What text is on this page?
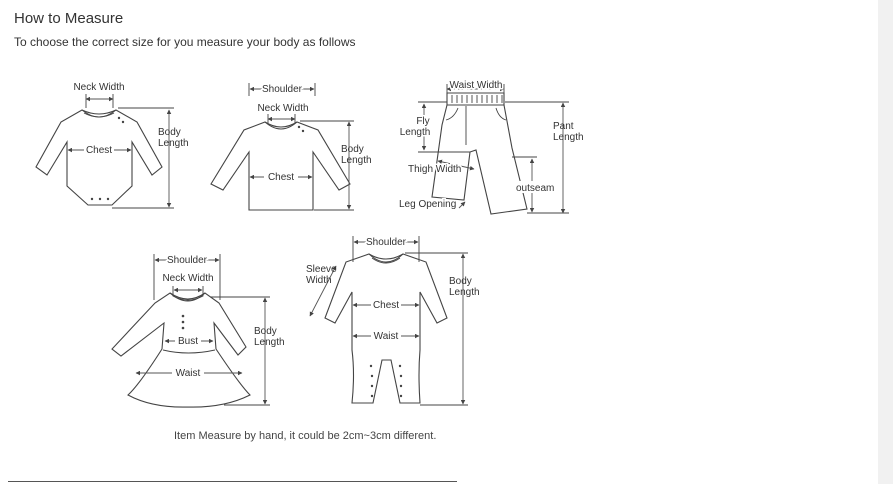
How to Measure
To choose the correct size for you measure your body as follows
Neck Width
Chest
Body
Length
Shoulder
Neck Width
Chest
Body
Length
Waist Width
Fly
Length
Pant
Length
Thigh Width
outseam
Leg Opening
Shoulder
Neck Width
Bust
Waist
Body
Length
Shoulder
Sleeve
Width
Chest
Waist
Body
Length
Item Measure by hand, it could be 2cm~3cm different.
